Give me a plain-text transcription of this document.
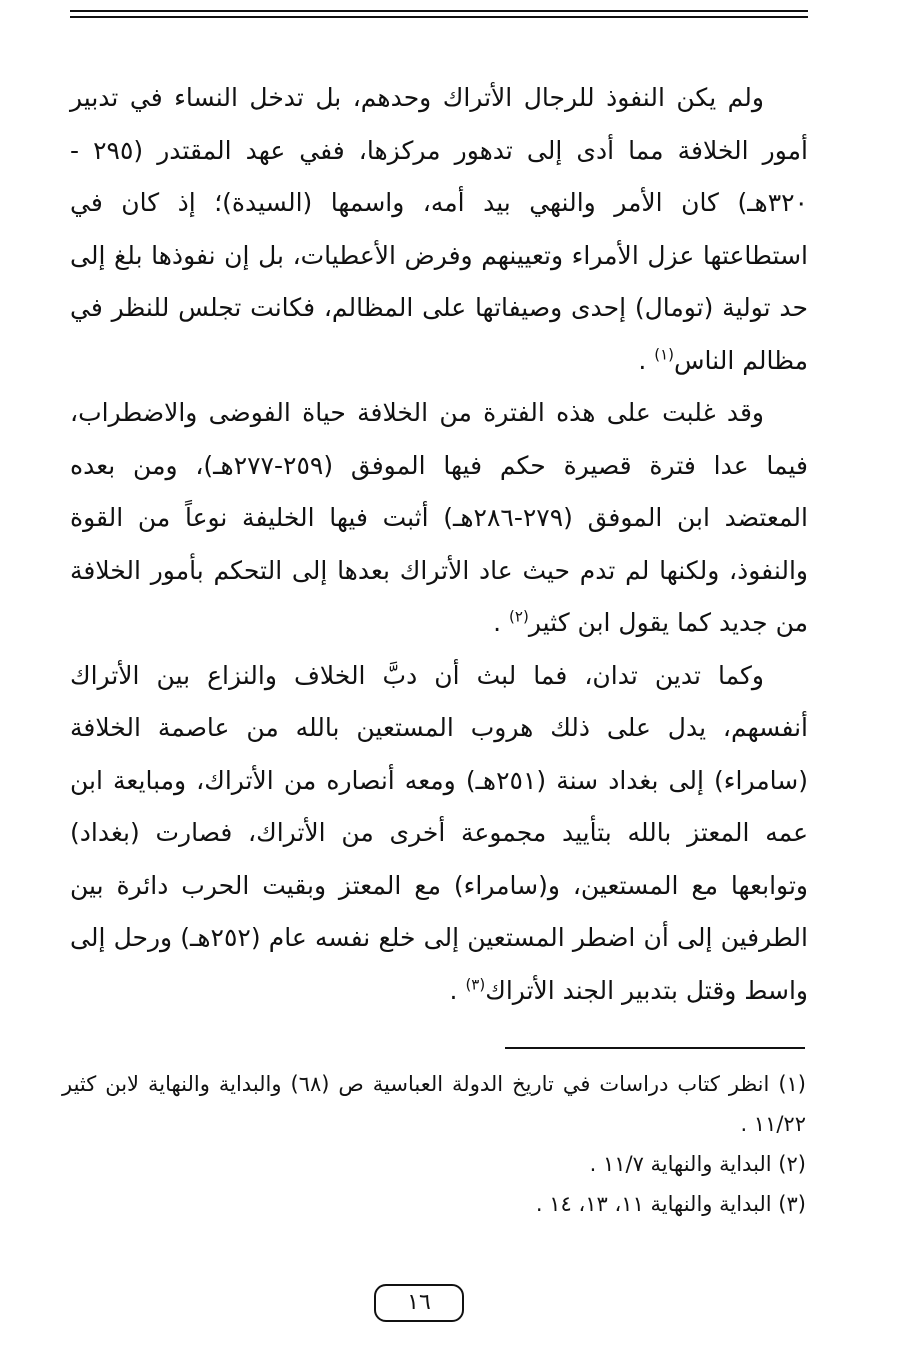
ولم يكن النفوذ للرجال الأتراك وحدهم، بل تدخل النساء في تدبير أمور الخلافة مما أدى إلى تدهور مركزها، ففي عهد المقتدر (٢٩٥ - ٣٢٠هـ) كان الأمر والنهي بيد أمه، واسمها (السيدة)؛ إذ كان في استطاعتها عزل الأمراء وتعيينهم وفرض الأعطيات، بل إن نفوذها بلغ إلى حد تولية (تومال) إحدى وصيفاتها على المظالم، فكانت تجلس للنظر في مظالم الناس$^{(١)}$ .

وقد غلبت على هذه الفترة من الخلافة حياة الفوضى والاضطراب، فيما عدا فترة قصيرة حكم فيها الموفق (٢٥٩-٢٧٧هـ)، ومن بعده المعتضد ابن الموفق (٢٧٩-٢٨٦هـ) أثبت فيها الخليفة نوعاً من القوة والنفوذ، ولكنها لم تدم حيث عاد الأتراك بعدها إلى التحكم بأمور الخلافة من جديد كما يقول ابن كثير$^{(٢)}$ .

وكما تدين تدان، فما لبث أن دبَّ الخلاف والنزاع بين الأتراك أنفسهم، يدل على ذلك هروب المستعين بالله من عاصمة الخلافة (سامراء) إلى بغداد سنة (٢٥١هـ) ومعه أنصاره من الأتراك، ومبايعة ابن عمه المعتز بالله بتأييد مجموعة أخرى من الأتراك، فصارت (بغداد) وتوابعها مع المستعين، و(سامراء) مع المعتز وبقيت الحرب دائرة بين الطرفين إلى أن اضطر المستعين إلى خلع نفسه عام (٢٥٢هـ) ورحل إلى واسط وقتل بتدبير الجند الأتراك$^{(٣)}$ .

(١) انظر كتاب دراسات في تاريخ الدولة العباسية ص (٦٨) والبداية والنهاية لابن كثير ١١/٢٢ .

(٢) البداية والنهاية ١١/٧ .

(٣) البداية والنهاية ١١، ١٣، ١٤ .

١٦
